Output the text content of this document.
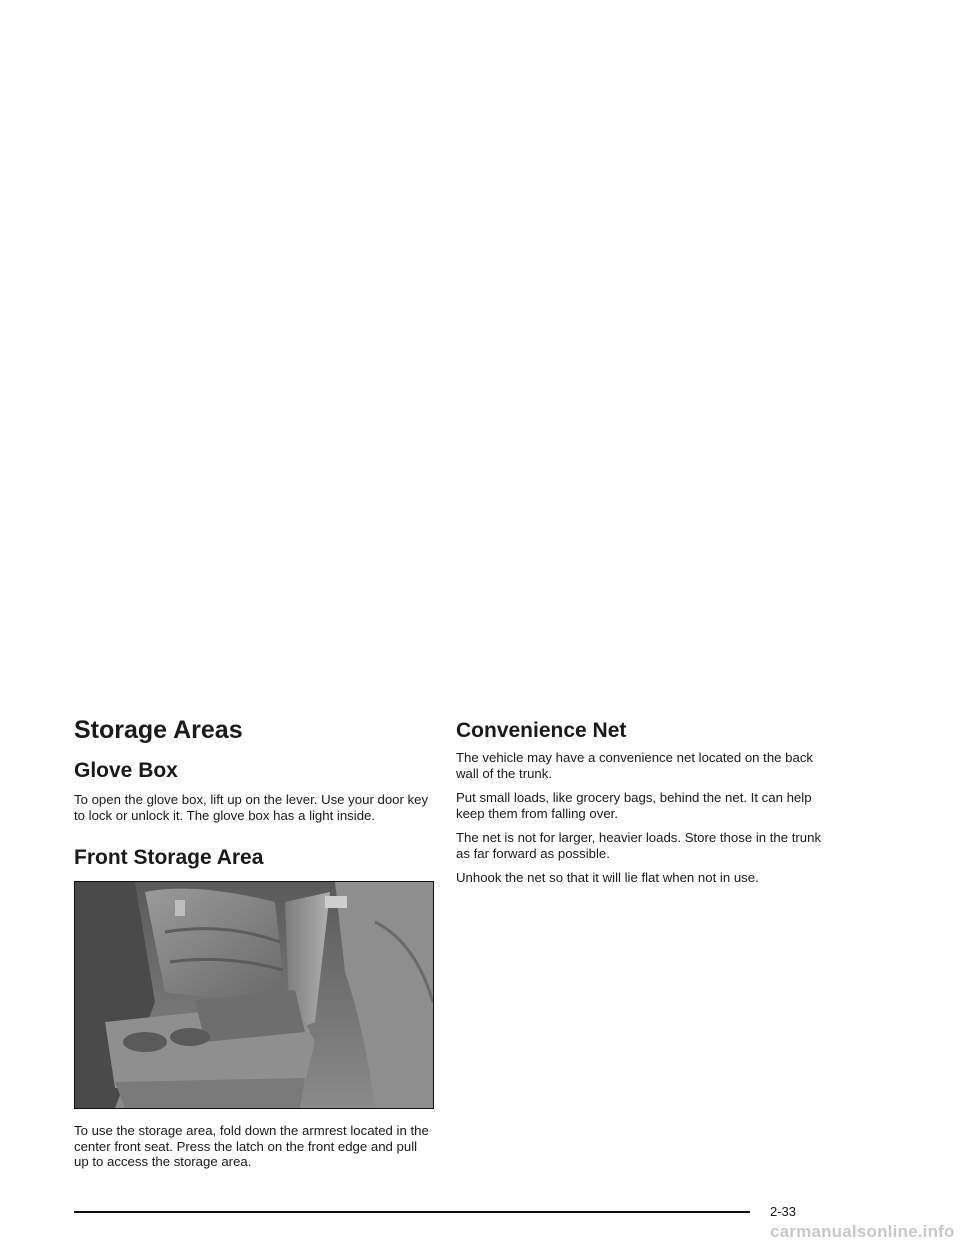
Storage Areas
Glove Box

To open the glove box, lift up on the lever. Use your door key to lock or unlock it. The glove box has a light inside.

Front Storage Area

To use the storage area, fold down the armrest located in the center front seat. Press the latch on the front edge and pull up to access the storage area.

Convenience Net

The vehicle may have a convenience net located on the back wall of the trunk.

Put small loads, like grocery bags, behind the net. It can help keep them from falling over.

The net is not for larger, heavier loads. Store those in the trunk as far forward as possible.

Unhook the net so that it will lie flat when not in use.

2-33
carmanualsonline.info
